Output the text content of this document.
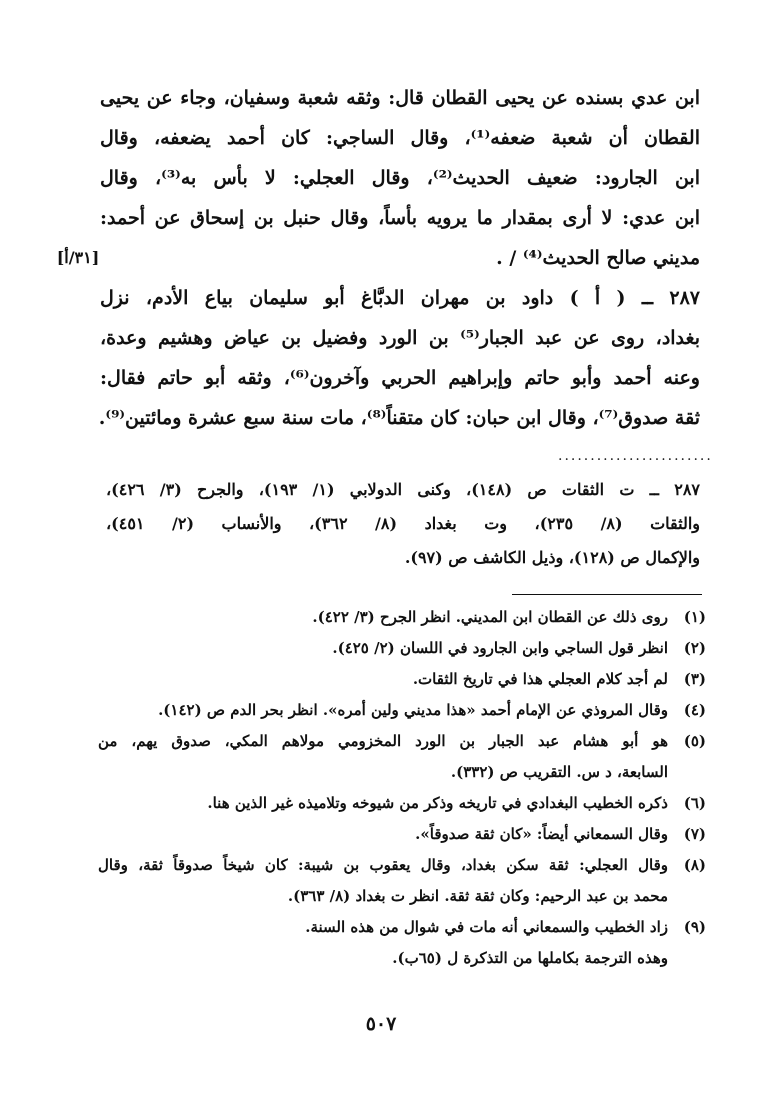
ابن عدي بسنده عن يحيى القطان قال: وثقه شعبة وسفيان، وجاء عن يحيى
القطان أن شعبة ضعفه⁽¹⁾، وقال الساجي: كان أحمد يضعفه، وقال
ابن الجارود: ضعيف الحديث⁽²⁾، وقال العجلي: لا بأس به⁽³⁾، وقال
ابن عدي: لا أرى بمقدار ما يرويه بأساً، وقال حنبل بن إسحاق عن أحمد:
مديني صالح الحديث⁽⁴⁾ / .
٢٨٧ ــ ( أ ) داود بن مهران الدبَّاغ أبو سليمان بياع الأدم، نزل
بغداد، روى عن عبد الجبار⁽⁵⁾ بن الورد وفضيل بن عياض وهشيم وعدة،
وعنه أحمد وأبو حاتم وإبراهيم الحربي وآخرون⁽⁶⁾، وثقه أبو حاتم فقال:
ثقة صدوق⁽⁷⁾، وقال ابن حبان: كان متقناً⁽⁸⁾، مات سنة سبع عشرة ومائتين⁽⁹⁾.
[٣١/أ]
........................
٢٨٧ ــ ت الثقات ص (١٤٨)، وكنى الدولابي (١/ ١٩٣)، والجرح (٣/ ٤٢٦)،
والثقات (٨/ ٢٣٥)، وت بغداد (٨/ ٣٦٢)، والأنساب (٢/ ٤٥١)،
والإكمال ص (١٢٨)، وذيل الكاشف ص (٩٧).
(١)
روى ذلك عن القطان ابن المديني. انظر الجرح (٣/ ٤٢٢).
(٢)
انظر قول الساجي وابن الجارود في اللسان (٢/ ٤٢٥).
(٣)
لم أجد كلام العجلي هذا في تاريخ الثقات.
(٤)
وقال المروذي عن الإمام أحمد «هذا مديني ولين أمره». انظر بحر الدم ص (١٤٢).
(٥)
هو أبو هشام عبد الجبار بن الورد المخزومي مولاهم المكي، صدوق يهم، من
السابعة، د س. التقريب ص (٣٣٢).
(٦)
ذكره الخطيب البغدادي في تاريخه وذكر من شيوخه وتلاميذه غير الذين هنا.
(٧)
وقال السمعاني أيضاً: «كان ثقة صدوقاً».
(٨)
وقال العجلي: ثقة سكن بغداد، وقال يعقوب بن شيبة: كان شيخاً صدوقاً ثقة، وقال
محمد بن عبد الرحيم: وكان ثقة ثقة. انظر ت بغداد (٨/ ٣٦٣).
(٩)
زاد الخطيب والسمعاني أنه مات في شوال من هذه السنة.
وهذه الترجمة بكاملها من التذكرة ل (٦٥ب).
٥٠٧
